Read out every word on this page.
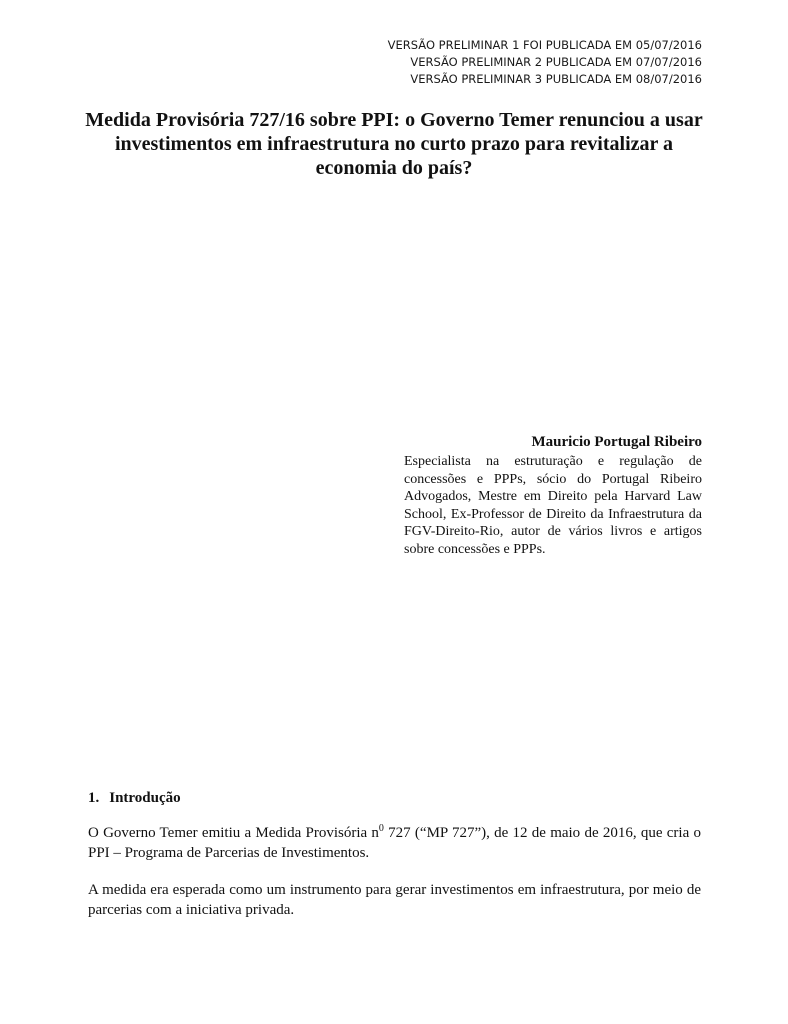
VERSÃO PRELIMINAR 1 FOI PUBLICADA EM 05/07/2016
VERSÃO PRELIMINAR 2 PUBLICADA EM 07/07/2016
VERSÃO PRELIMINAR 3 PUBLICADA EM 08/07/2016
Medida Provisória 727/16 sobre PPI: o Governo Temer renunciou a usar investimentos em infraestrutura no curto prazo para revitalizar a economia do país?
Mauricio Portugal Ribeiro
Especialista na estruturação e regulação de concessões e PPPs, sócio do Portugal Ribeiro Advogados, Mestre em Direito pela Harvard Law School, Ex-Professor de Direito da Infraestrutura da FGV-Direito-Rio, autor de vários livros e artigos sobre concessões e PPPs.
1. Introdução

O Governo Temer emitiu a Medida Provisória $n^0$ 727 (“MP 727”), de 12 de maio de 2016, que cria o PPI – Programa de Parcerias de Investimentos.

A medida era esperada como um instrumento para gerar investimentos em infraestrutura, por meio de parcerias com a iniciativa privada.
